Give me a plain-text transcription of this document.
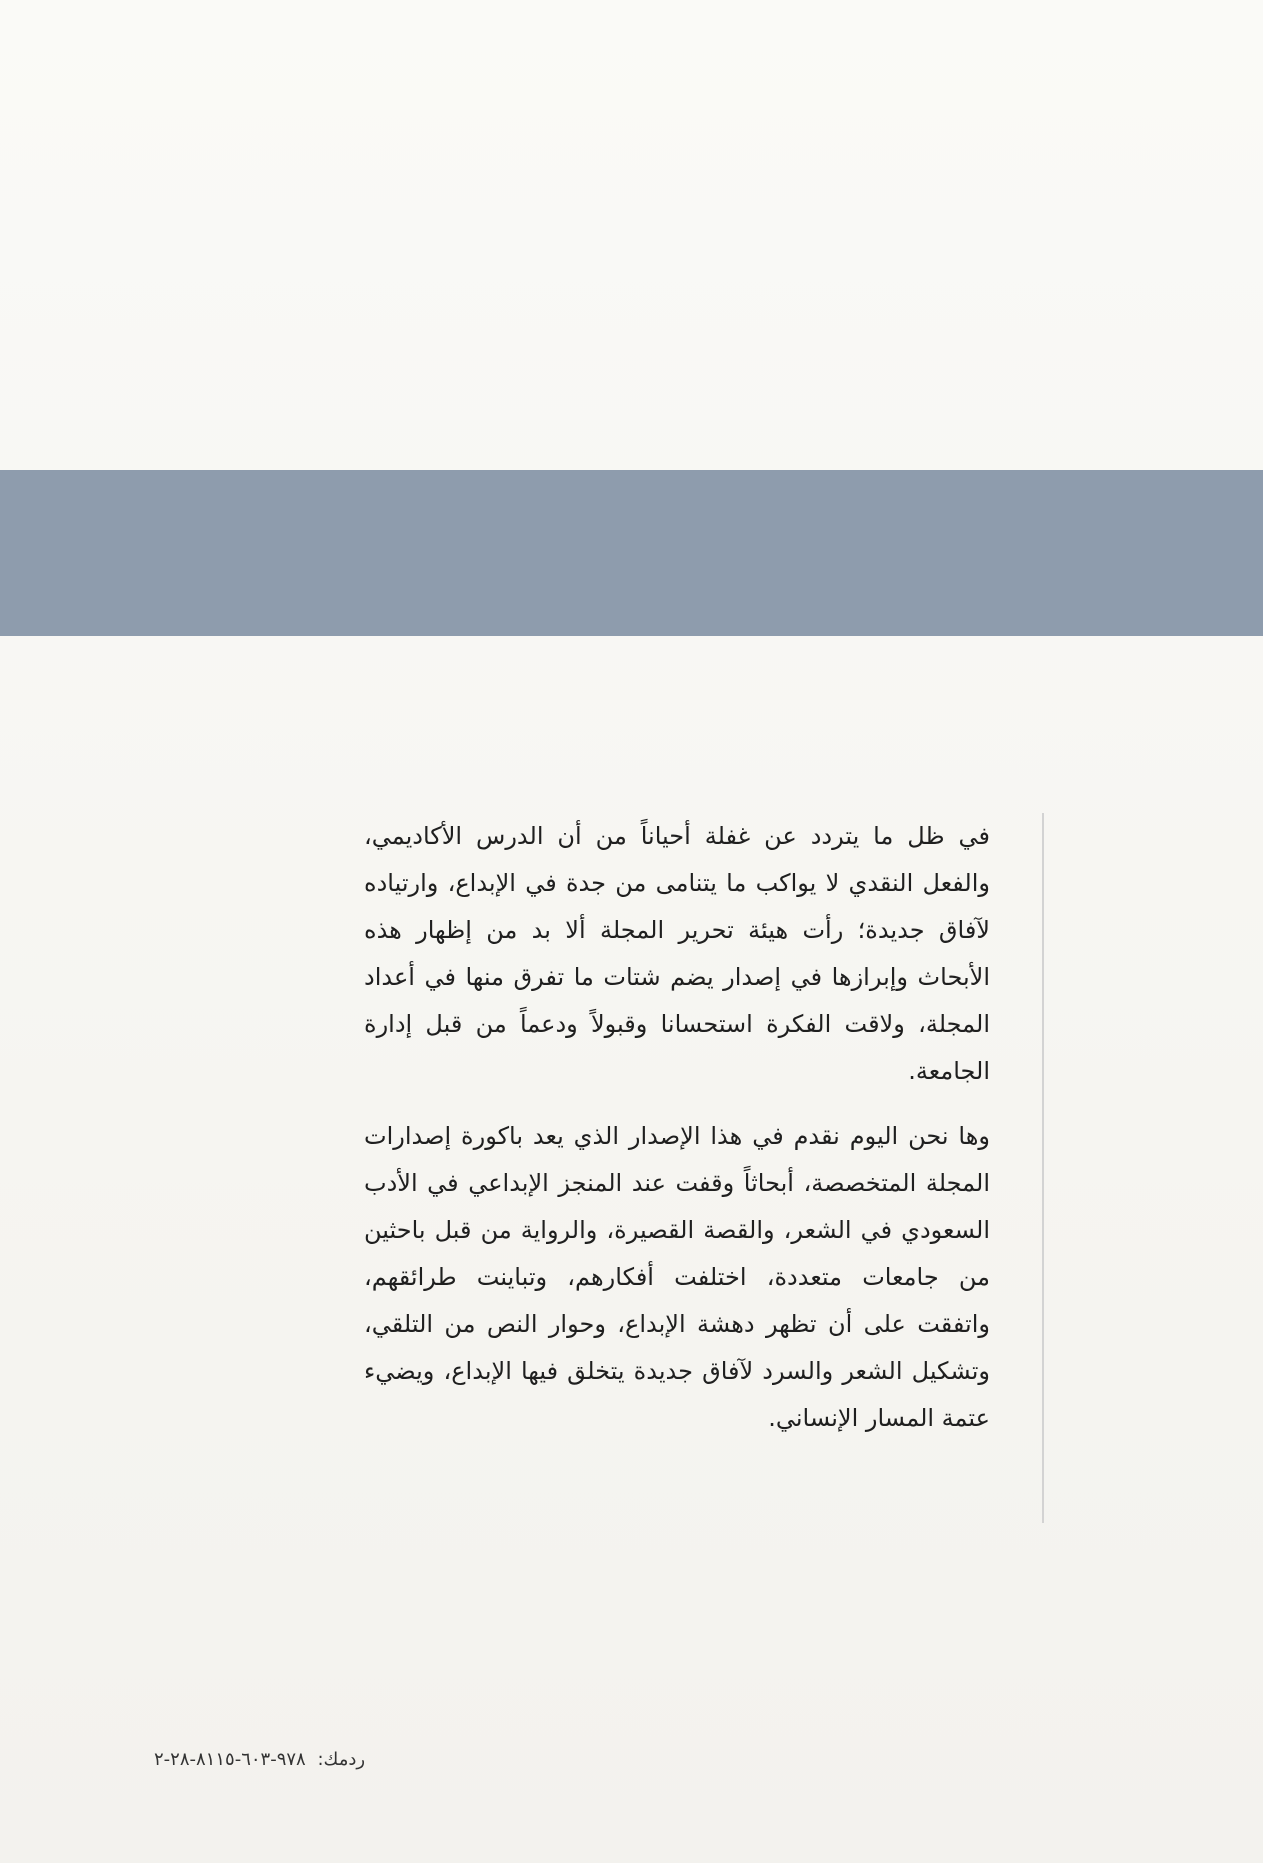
في ظل ما يتردد عن غفلة أحياناً من أن الدرس الأكاديمي، والفعل النقدي لا يواكب ما يتنامى من جدة في الإبداع، وارتياده لآفاق جديدة؛ رأت هيئة تحرير المجلة ألا بد من إظهار هذه الأبحاث وإبرازها في إصدار يضم شتات ما تفرق منها في أعداد المجلة، ولاقت الفكرة استحسانا وقبولاً ودعماً من قبل إدارة الجامعة.

وها نحن اليوم نقدم في هذا الإصدار الذي يعد باكورة إصدارات المجلة المتخصصة، أبحاثاً وقفت عند المنجز الإبداعي في الأدب السعودي في الشعر، والقصة القصيرة، والرواية من قبل باحثين من جامعات متعددة، اختلفت أفكارهم، وتباينت طرائقهم، واتفقت على أن تظهر دهشة الإبداع، وحوار النص من التلقي، وتشكيل الشعر والسرد لآفاق جديدة يتخلق فيها الإبداع، ويضيء عتمة المسار الإنساني.

ردمك: ٩٧٨-٦٠٣-٨١١٥-٢٨-٢
